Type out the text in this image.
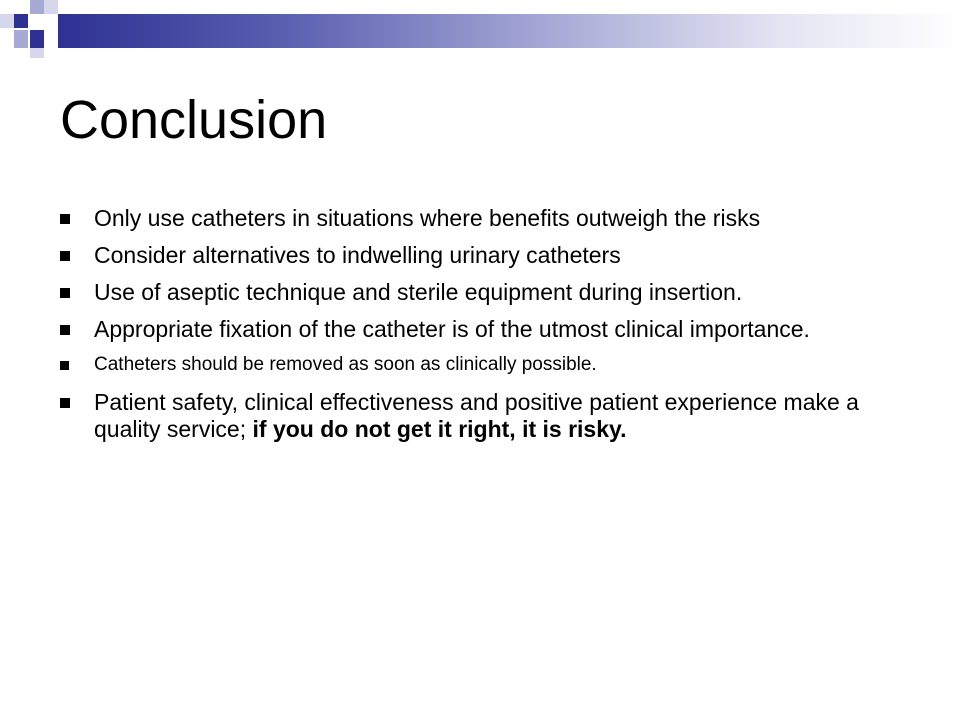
Conclusion
Only use catheters in situations where benefits outweigh the risks
Consider alternatives to indwelling urinary catheters
Use of aseptic technique and sterile equipment during insertion.
Appropriate fixation of the catheter is of the utmost clinical importance.
Catheters should be removed as soon as clinically possible.
Patient safety, clinical effectiveness and positive patient experience make a quality service; if you do not get it right, it is risky.
